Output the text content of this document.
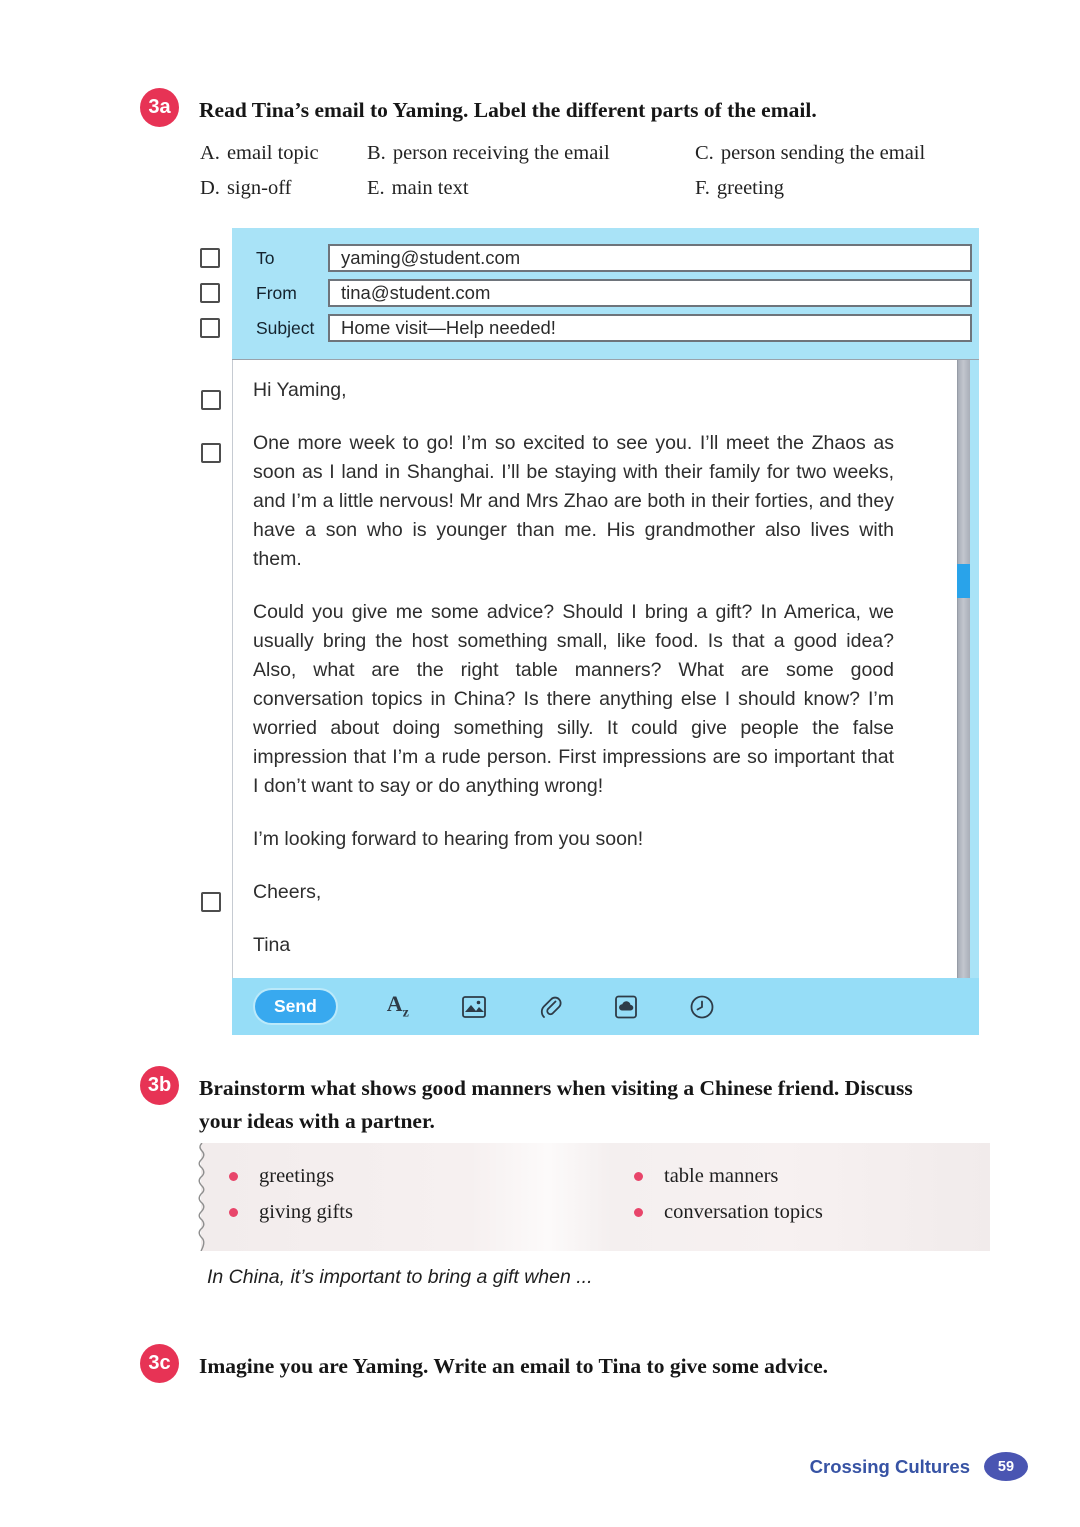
3a	Read Tina’s email to Yaming. Label the different parts of the email.
A. email topic	B. person receiving the email	C. person sending the email
D. sign-off	E. main text	F. greeting
To	yaming@student.com
From	tina@student.com
Subject	Home visit—Help needed!
Hi Yaming,
One more week to go! I’m so excited to see you. I’ll meet the Zhaos as soon as I land in Shanghai. I’ll be staying with their family for two weeks, and I’m a little nervous! Mr and Mrs Zhao are both in their forties, and they have a son who is younger than me. His grandmother also lives with them.
Could you give me some advice? Should I bring a gift? In America, we usually bring the host something small, like food. Is that a good idea? Also, what are the right table manners? What are some good conversation topics in China? Is there anything else I should know? I’m worried about doing something silly. It could give people the false impression that I’m a rude person. First impressions are so important that I don’t want to say or do anything wrong!
I’m looking forward to hearing from you soon!
Cheers,
Tina
Send	$A_z$
3b	Brainstorm what shows good manners when visiting a Chinese friend. Discuss your ideas with a partner.
greetings
giving gifts
table manners
conversation topics
In China, it’s important to bring a gift when ...
3c	Imagine you are Yaming. Write an email to Tina to give some advice.
Crossing Cultures	59
